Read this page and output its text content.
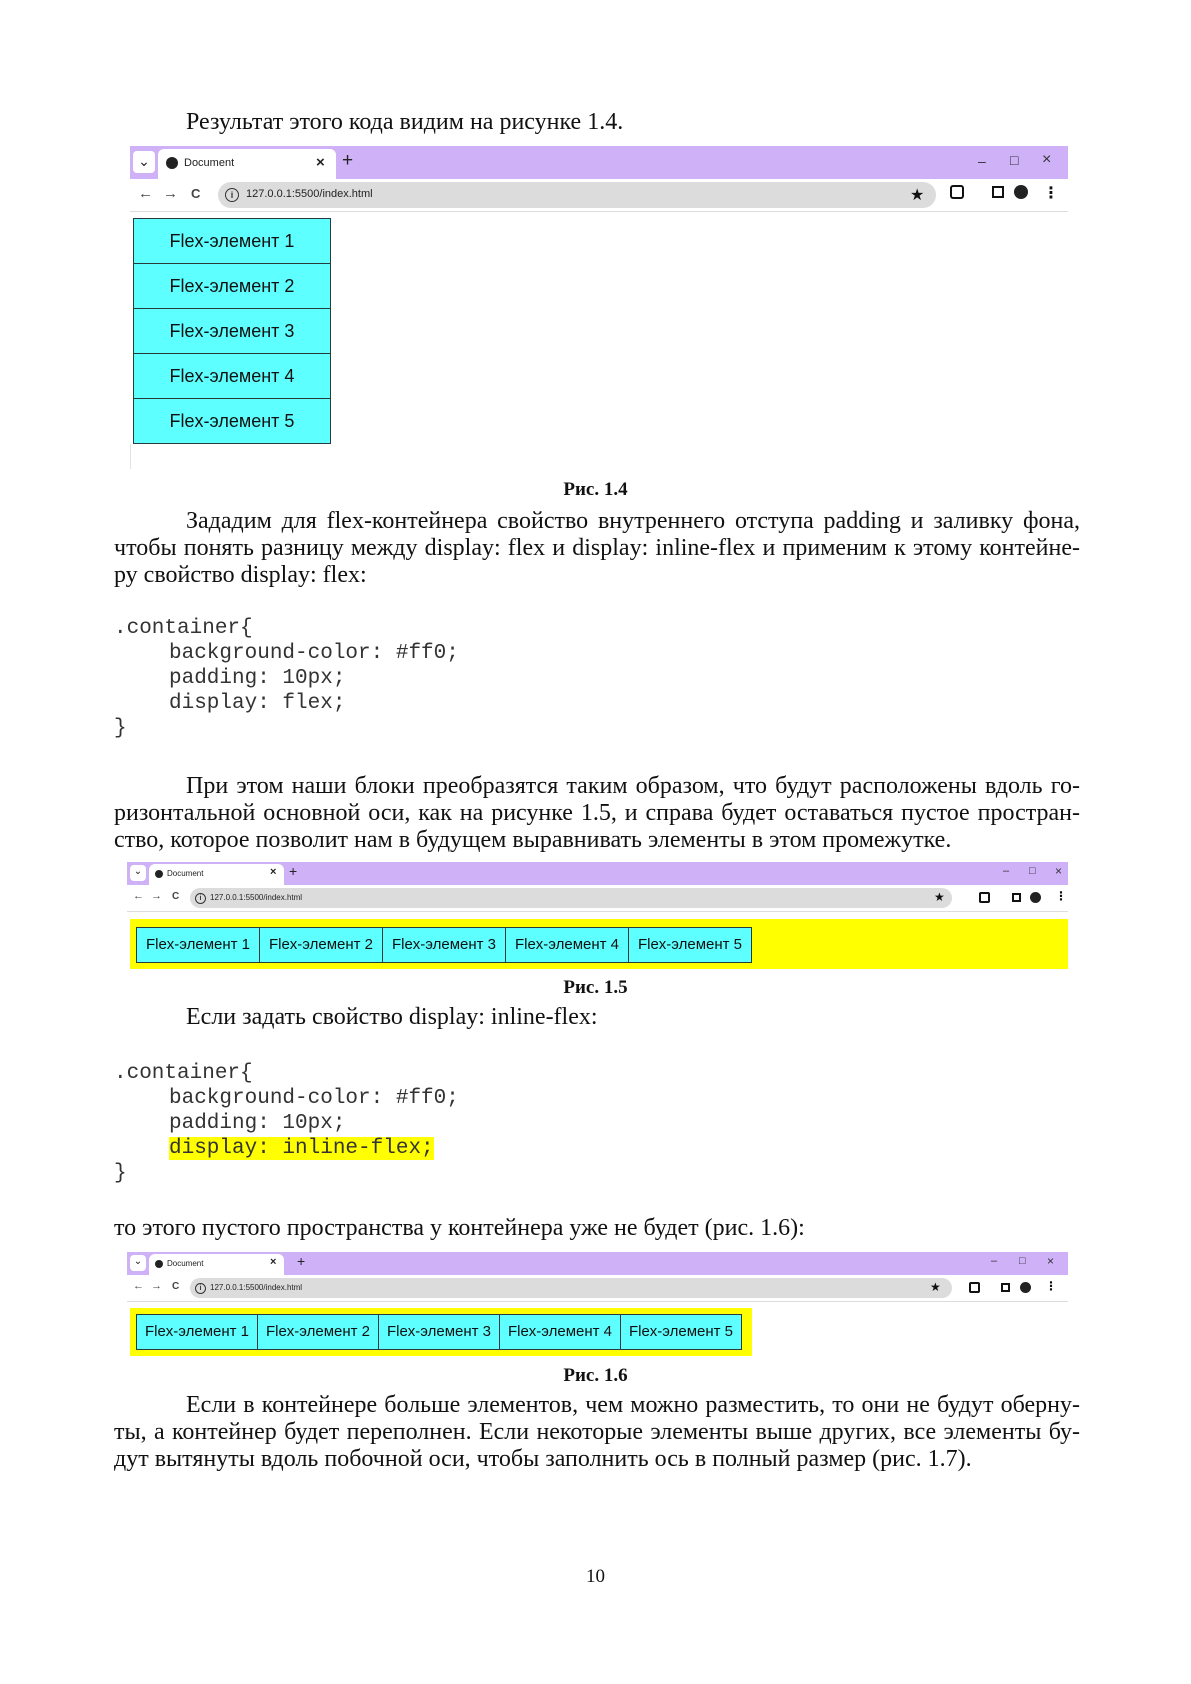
Результат этого кода видим на рисунке 1.4.

⌄	Document	× +	– □ ×
← → C	i	127.0.0.1:5500/index.html	★	⋮
Flex-элемент 1
Flex-элемент 2
Flex-элемент 3
Flex-элемент 4
Flex-элемент 5

Рис. 1.4

Зададим для flex-контейнера свойство внутреннего отступа padding и заливку фона, чтобы понять разницу между display: flex и display: inline-flex и применим к этому контейне-ру свойство display: flex:

.container{
background-color: #ff0;
padding: 10px;
display: flex;
}

При этом наши блоки преобразятся таким образом, что будут расположены вдоль го-ризонтальной основной оси, как на рисунке 1.5, и справа будет оставаться пустое простран-ство, которое позволит нам в будущем выравнивать элементы в этом промежутке.

⌄	Document	× +	– □ ×
← → C	i	127.0.0.1:5500/index.html	★	⋮
Flex-элемент 1	Flex-элемент 2	Flex-элемент 3	Flex-элемент 4	Flex-элемент 5

Рис. 1.5

Если задать свойство display: inline-flex:

.container{
background-color: #ff0;
padding: 10px;
display: inline-flex;
}

то этого пустого пространства у контейнера уже не будет (рис. 1.6):

⌄	Document	× +	– □ ×
← → C	i	127.0.0.1:5500/index.html	★	⋮
Flex-элемент 1	Flex-элемент 2	Flex-элемент 3	Flex-элемент 4	Flex-элемент 5

Рис. 1.6

Если в контейнере больше элементов, чем можно разместить, то они не будут оберну-ты, а контейнер будет переполнен. Если некоторые элементы выше других, все элементы бу-дут вытянуты вдоль побочной оси, чтобы заполнить ось в полный размер (рис. 1.7).

10
